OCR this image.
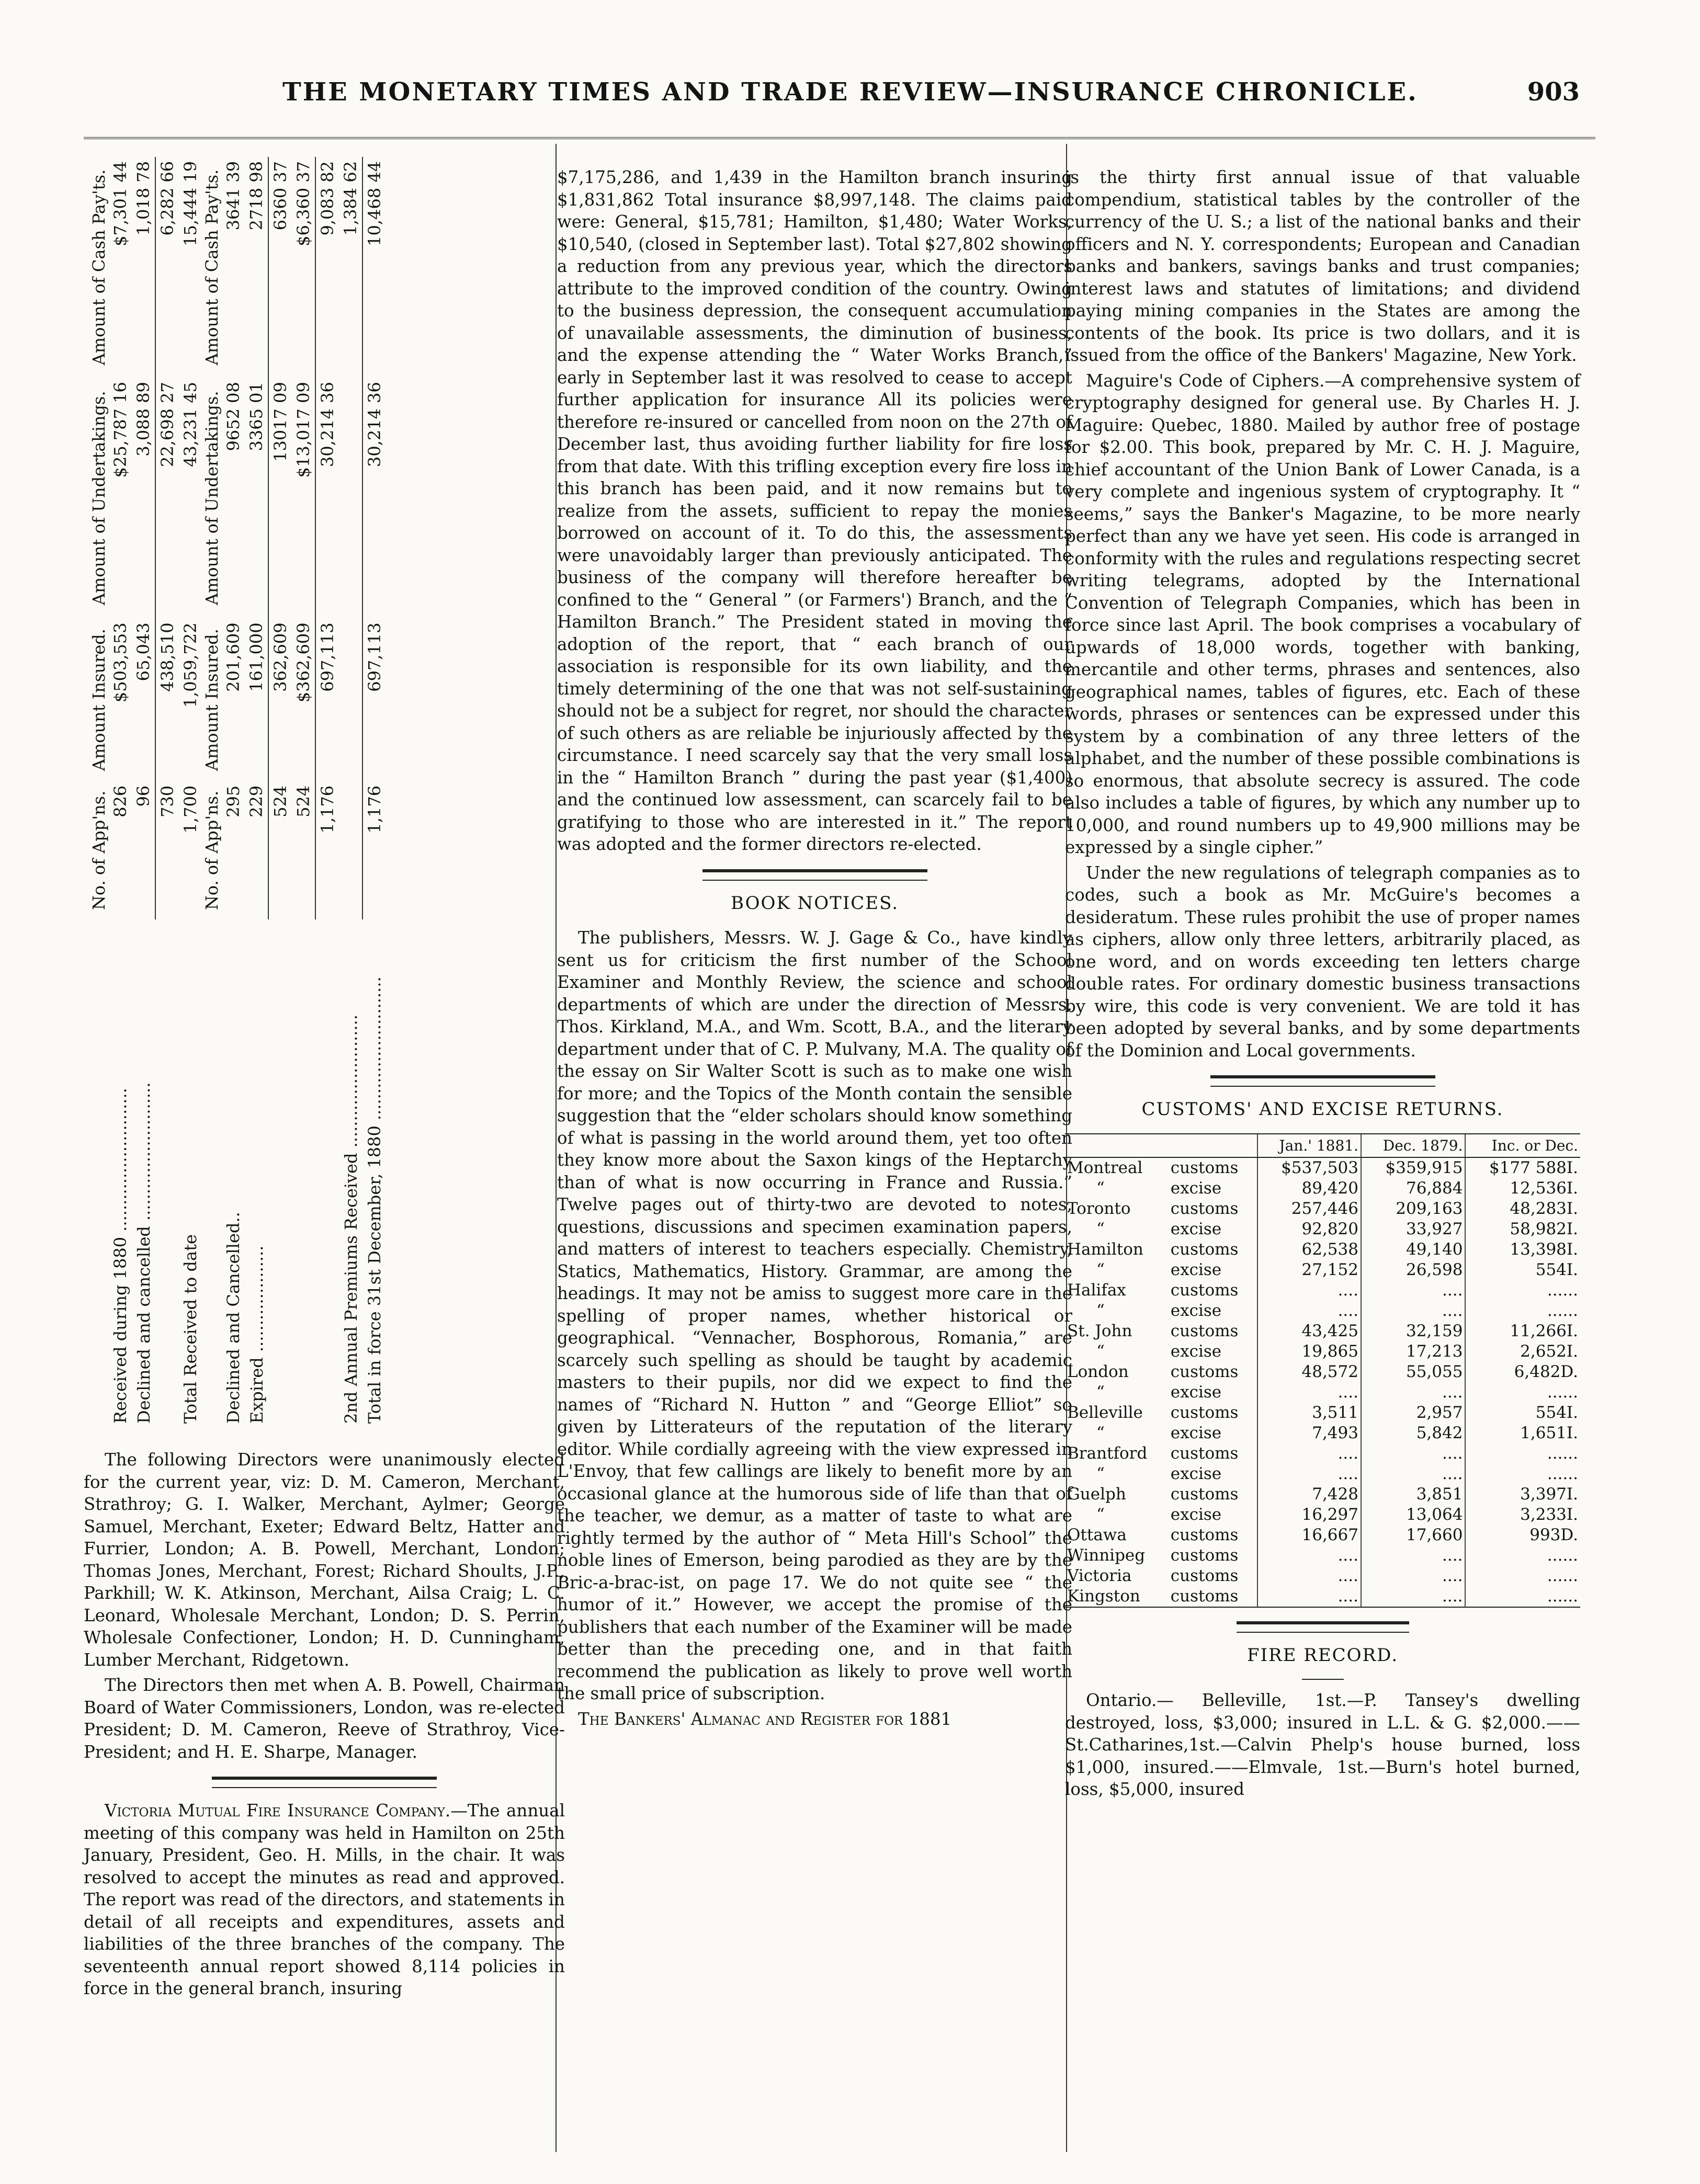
THE MONETARY TIMES AND TRADE REVIEW—INSURANCE CHRONICLE.	903
	No. of App'ns.	Amount Insured.	Amount of Undertakings.	Amount of Cash Pay'ts.
Received during 1880 ...........................	826	$503,553	$25,787 16	$7,301 44
Declined and cancelled ..........................	96	65,043	3,088 89	1,018 78
	730	438,510	22,698 27	6,282 66
Total Received to date	1,700	1,059,722	43,231 45	15,444 19
	No. of App'ns.	Amount Insured.	Amount of Undertakings.	Amount of Cash Pay'ts.
Declined and Cancelled..	295	201,609	9652 08	3641 39
Expired ....................	229	161,000	3365 01	2718 98
	524	362,609	13017 09	6360 37
	524	$362,609	$13,017 09	$6,360 37
	1,176	697,113	30,214 36	9,083 82
2nd Annual Premiums Received .........................				1,384 62
Total in force 31st December, 1880 ...........................	1,176	697,113	30,214 36	10,468 44

The following Directors were unanimously elected for the current year, viz: D. M. Cameron, Merchant, Strathroy; G. I. Walker, Merchant, Aylmer; George Samuel, Merchant, Exeter; Edward Beltz, Hatter and Furrier, London; A. B. Powell, Merchant, London; Thomas Jones, Merchant, Forest; Richard Shoults, J.P., Parkhill; W. K. Atkinson, Merchant, Ailsa Craig; L. C. Leonard, Wholesale Merchant, London; D. S. Perrin, Wholesale Confectioner, London; H. D. Cunningham, Lumber Merchant, Ridgetown.

The Directors then met when A. B. Powell, Chairman Board of Water Commissioners, London, was re-elected President; D. M. Cameron, Reeve of Strathroy, Vice-President; and H. E. Sharpe, Manager.

Victoria Mutual Fire Insurance Company.—The annual meeting of this company was held in Hamilton on 25th January, President, Geo. H. Mills, in the chair. It was resolved to accept the minutes as read and approved. The report was read of the directors, and statements in detail of all receipts and expenditures, assets and liabilities of the three branches of the company. The seventeenth annual report showed 8,114 policies in force in the general branch, insuring

$7,175,286, and 1,439 in the Hamilton branch insuring $1,831,862 Total insurance $8,997,148. The claims paid were: General, $15,781; Hamilton, $1,480; Water Works, $10,540, (closed in September last). Total $27,802 showing a reduction from any previous year, which the directors attribute to the improved condition of the country. Owing to the business depression, the consequent accumulation of unavailable assessments, the diminution of business, and the expense attending the “ Water Works Branch,” early in September last it was resolved to cease to accept further application for insurance All its policies were therefore re-insured or cancelled from noon on the 27th of December last, thus avoiding further liability for fire loss from that date. With this trifling exception every fire loss in this branch has been paid, and it now remains but to realize from the assets, sufficient to repay the monies borrowed on account of it. To do this, the assessments were unavoidably larger than previously anticipated. The business of the company will therefore hereafter be confined to the “ General ” (or Farmers') Branch, and the “ Hamilton Branch.” The President stated in moving the adoption of the report, that “ each branch of our association is responsible for its own liability, and the timely determining of the one that was not self-sustaining should not be a subject for regret, nor should the character of such others as are reliable be injuriously affected by the circumstance. I need scarcely say that the very small loss in the “ Hamilton Branch ” during the past year ($1,400) and the continued low assessment, can scarcely fail to be gratifying to those who are interested in it.” The report was adopted and the former directors re-elected.

BOOK NOTICES.

The publishers, Messrs. W. J. Gage & Co., have kindly sent us for criticism the first number of the School Examiner and Monthly Review, the science and school departments of which are under the direction of Messrs. Thos. Kirkland, M.A., and Wm. Scott, B.A., and the literary department under that of C. P. Mulvany, M.A. The quality of the essay on Sir Walter Scott is such as to make one wish for more; and the Topics of the Month contain the sensible suggestion that the “elder scholars should know something of what is passing in the world around them, yet too often they know more about the Saxon kings of the Heptarchy than of what is now occurring in France and Russia.” Twelve pages out of thirty-two are devoted to notes, questions, discussions and specimen examination papers, and matters of interest to teachers especially. Chemistry, Statics, Mathematics, History. Grammar, are among the headings. It may not be amiss to suggest more care in the spelling of proper names, whether historical or geographical. “Vennacher, Bosphorous, Romania,” are scarcely such spelling as should be taught by academic masters to their pupils, nor did we expect to find the names of “Richard N. Hutton ” and “George Elliot” so given by Litterateurs of the reputation of the literary editor. While cordially agreeing with the view expressed in L'Envoy, that few callings are likely to benefit more by an occasional glance at the humorous side of life than that of the teacher, we demur, as a matter of taste to what are rightly termed by the author of “ Meta Hill's School” the noble lines of Emerson, being parodied as they are by the Bric-a-brac-ist, on page 17. We do not quite see “ the humor of it.” However, we accept the promise of the publishers that each number of the Examiner will be made better than the preceding one, and in that faith recommend the publication as likely to prove well worth the small price of subscription.

The Bankers' Almanac and Register for 1881

is the thirty first annual issue of that valuable compendium, statistical tables by the controller of the currency of the U. S.; a list of the national banks and their officers and N. Y. correspondents; European and Canadian banks and bankers, savings banks and trust companies; interest laws and statutes of limitations; and dividend paying mining companies in the States are among the contents of the book. Its price is two dollars, and it is issued from the office of the Bankers' Magazine, New York.

Maguire's Code of Ciphers.—A comprehensive system of cryptography designed for general use. By Charles H. J. Maguire: Quebec, 1880. Mailed by author free of postage for $2.00. This book, prepared by Mr. C. H. J. Maguire, chief accountant of the Union Bank of Lower Canada, is a very complete and ingenious system of cryptography. It “ seems,” says the Banker's Magazine, to be more nearly perfect than any we have yet seen. His code is arranged in conformity with the rules and regulations respecting secret writing telegrams, adopted by the International Convention of Telegraph Companies, which has been in force since last April. The book comprises a vocabulary of upwards of 18,000 words, together with banking, mercantile and other terms, phrases and sentences, also geographical names, tables of figures, etc. Each of these words, phrases or sentences can be expressed under this system by a combination of any three letters of the alphabet, and the number of these possible combinations is so enormous, that absolute secrecy is assured. The code also includes a table of figures, by which any number up to 10,000, and round numbers up to 49,900 millions may be expressed by a single cipher.”

Under the new regulations of telegraph companies as to codes, such a book as Mr. McGuire's becomes a desideratum. These rules prohibit the use of proper names as ciphers, allow only three letters, arbitrarily placed, as one word, and on words exceeding ten letters charge double rates. For ordinary domestic business transactions by wire, this code is very convenient. We are told it has been adopted by several banks, and by some departments of the Dominion and Local governments.

CUSTOMS' AND EXCISE RETURNS.
		Jan.' 1881.	Dec. 1879.	Inc. or Dec.
Montreal	customs	$537,503	$359,915	$177 588I.
“	excise	89,420	76,884	12,536I.
Toronto	customs	257,446	209,163	48,283I.
“	excise	92,820	33,927	58,982I.
Hamilton	customs	62,538	49,140	13,398I.
“	excise	27,152	26,598	554I.
Halifax	customs	....	....	......
“	excise	....	....	......
St. John	customs	43,425	32,159	11,266I.
“	excise	19,865	17,213	2,652I.
London	customs	48,572	55,055	6,482D.
“	excise	....	....	......
Belleville	customs	3,511	2,957	554I.
“	excise	7,493	5,842	1,651I.
Brantford	customs	....	....	......
“	excise	....	....	......
Guelph	customs	7,428	3,851	3,397I.
“	excise	16,297	13,064	3,233I.
Ottawa	customs	16,667	17,660	993D.
Winnipeg	customs	....	....	......
Victoria	customs	....	....	......
Kingston	customs	....	....	......
FIRE RECORD.

Ontario.— Belleville, 1st.—P. Tansey's dwelling destroyed, loss, $3,000; insured in L.L. & G. $2,000.——St.Catharines,1st.—Calvin Phelp's house burned, loss $1,000, insured.——Elmvale, 1st.—Burn's hotel burned, loss, $5,000, insured
